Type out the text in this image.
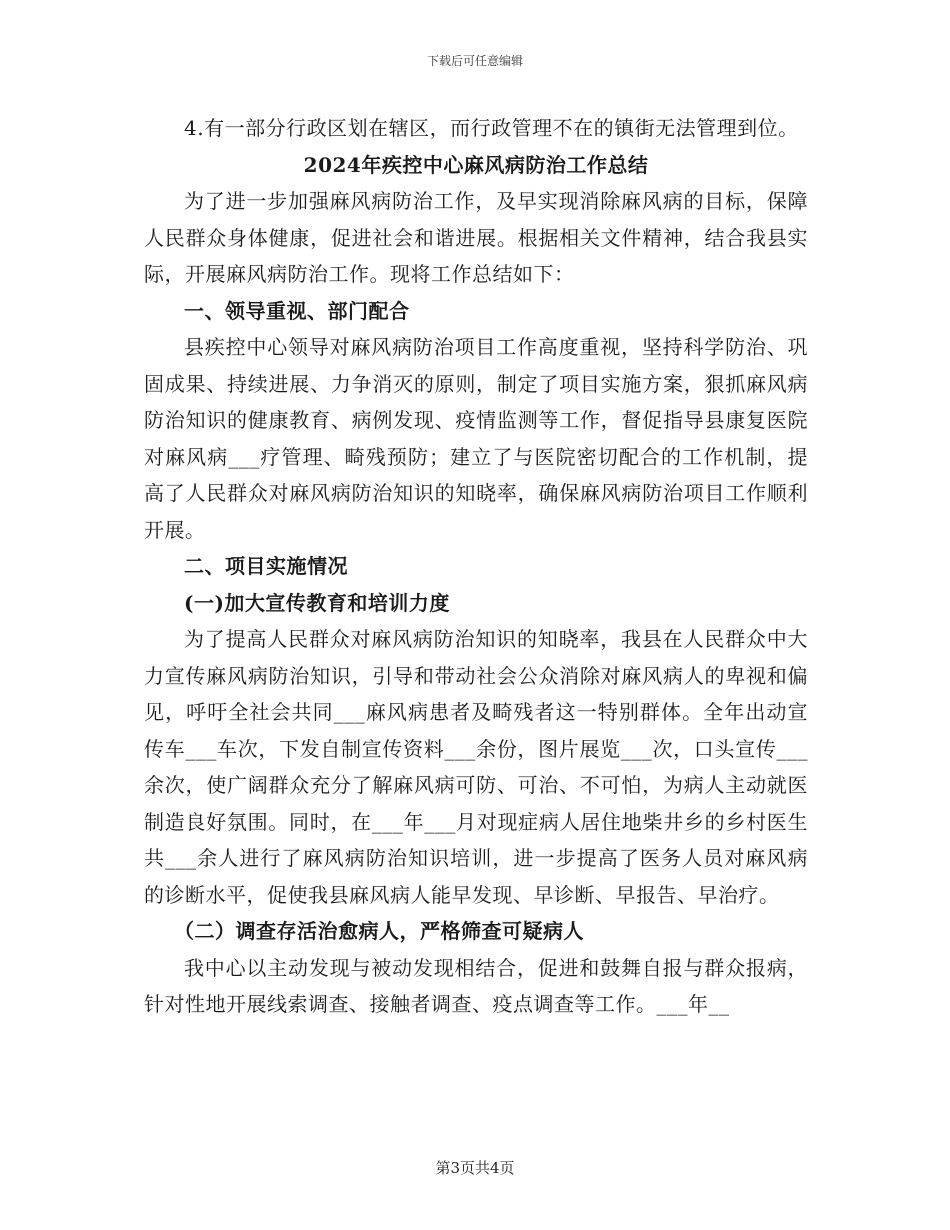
下载后可任意编辑

4.有一部分行政区划在辖区，而行政管理不在的镇街无法管理到位。

2024年疾控中心麻风病防治工作总结

为了进一步加强麻风病防治工作，及早实现消除麻风病的目标，保障人民群众身体健康，促进社会和谐进展。根据相关文件精神，结合我县实际，开展麻风病防治工作。现将工作总结如下：

一、领导重视、部门配合

县疾控中心领导对麻风病防治项目工作高度重视，坚持科学防治、巩固成果、持续进展、力争消灭的原则，制定了项目实施方案，狠抓麻风病防治知识的健康教育、病例发现、疫情监测等工作，督促指导县康复医院对麻风病___疗管理、畸残预防；建立了与医院密切配合的工作机制，提高了人民群众对麻风病防治知识的知晓率，确保麻风病防治项目工作顺利开展。

二、项目实施情况

(一)加大宣传教育和培训力度

为了提高人民群众对麻风病防治知识的知晓率，我县在人民群众中大力宣传麻风病防治知识，引导和带动社会公众消除对麻风病人的卑视和偏见，呼吁全社会共同___麻风病患者及畸残者这一特别群体。全年出动宣传车___车次，下发自制宣传资料___余份，图片展览___次，口头宣传___余次，使广阔群众充分了解麻风病可防、可治、不可怕，为病人主动就医制造良好氛围。同时，在___年___月对现症病人居住地柴井乡的乡村医生共___余人进行了麻风病防治知识培训，进一步提高了医务人员对麻风病的诊断水平，促使我县麻风病人能早发现、早诊断、早报告、早治疗。

（二）调查存活治愈病人，严格筛查可疑病人

我中心以主动发现与被动发现相结合，促进和鼓舞自报与群众报病，针对性地开展线索调查、接触者调查、疫点调查等工作。___年__

第3页共4页
